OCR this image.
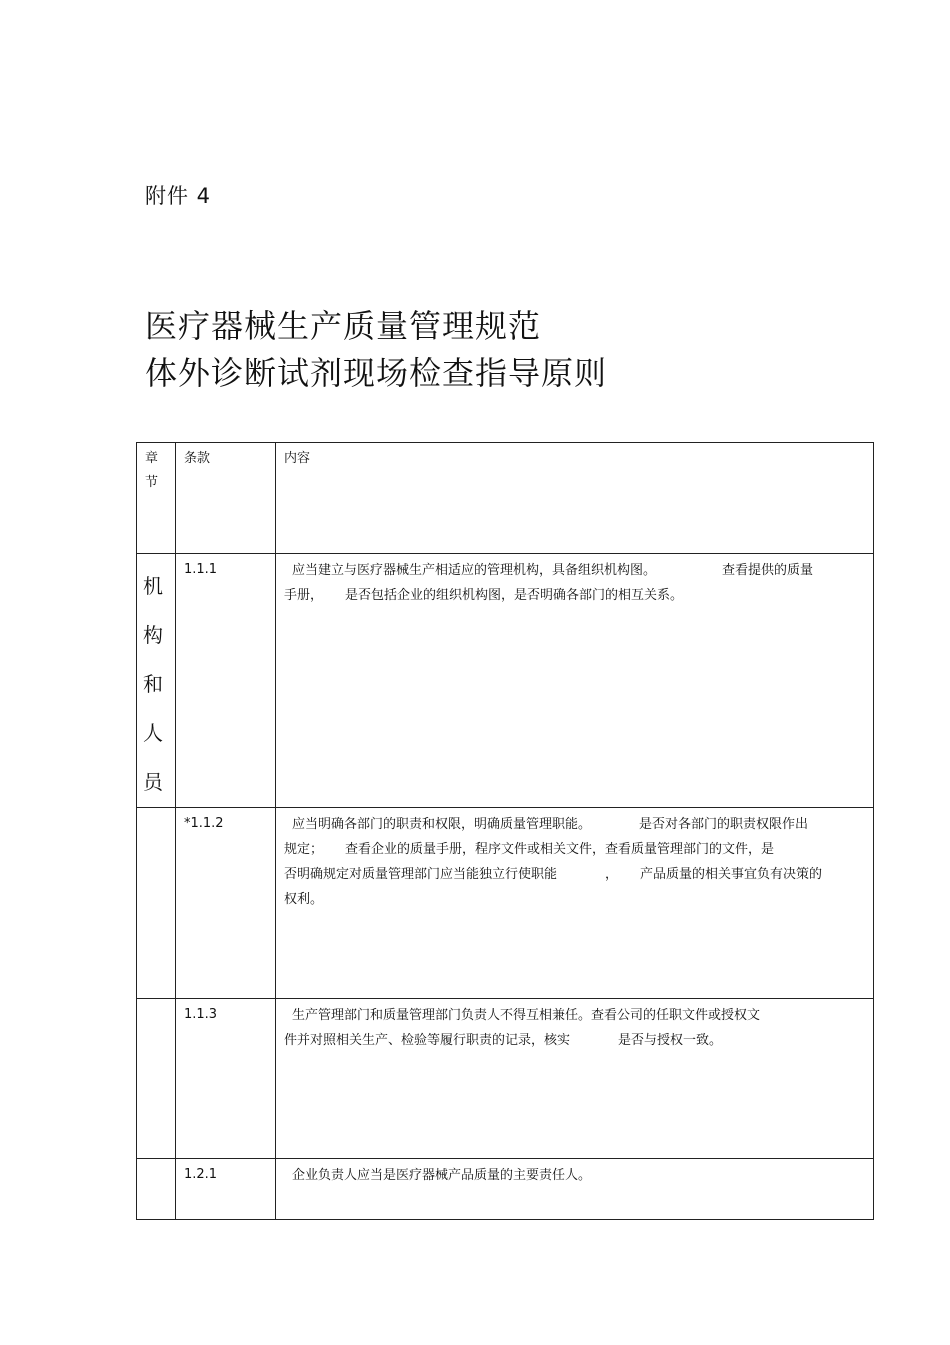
附件 4
医疗器械生产质量管理规范
体外诊断试剂现场检查指导原则
章节	条款	内容

机构和人员	1.1.1	应当建立与医疗器械生产相适应的管理机构，具备组织机构图。 查看提供的质量

手册， 是否包括企业的组织机构图，是否明确各部门的相互关系。

	*1.1.2	应当明确各部门的职责和权限，明确质量管理职能。 是否对各部门的职责权限作出

规定； 查看企业的质量手册，程序文件或相关文件，查看质量管理部门的文件，是

否明确规定对质量管理部门应当能独立行使职能 ， 产品质量的相关事宜负有决策的

权利。

	1.1.3	生产管理部门和质量管理部门负责人不得互相兼任。查看公司的任职文件或授权文

件并对照相关生产、检验等履行职责的记录，核实 是否与授权一致。

	1.2.1	企业负责人应当是医疗器械产品质量的主要责任人。
